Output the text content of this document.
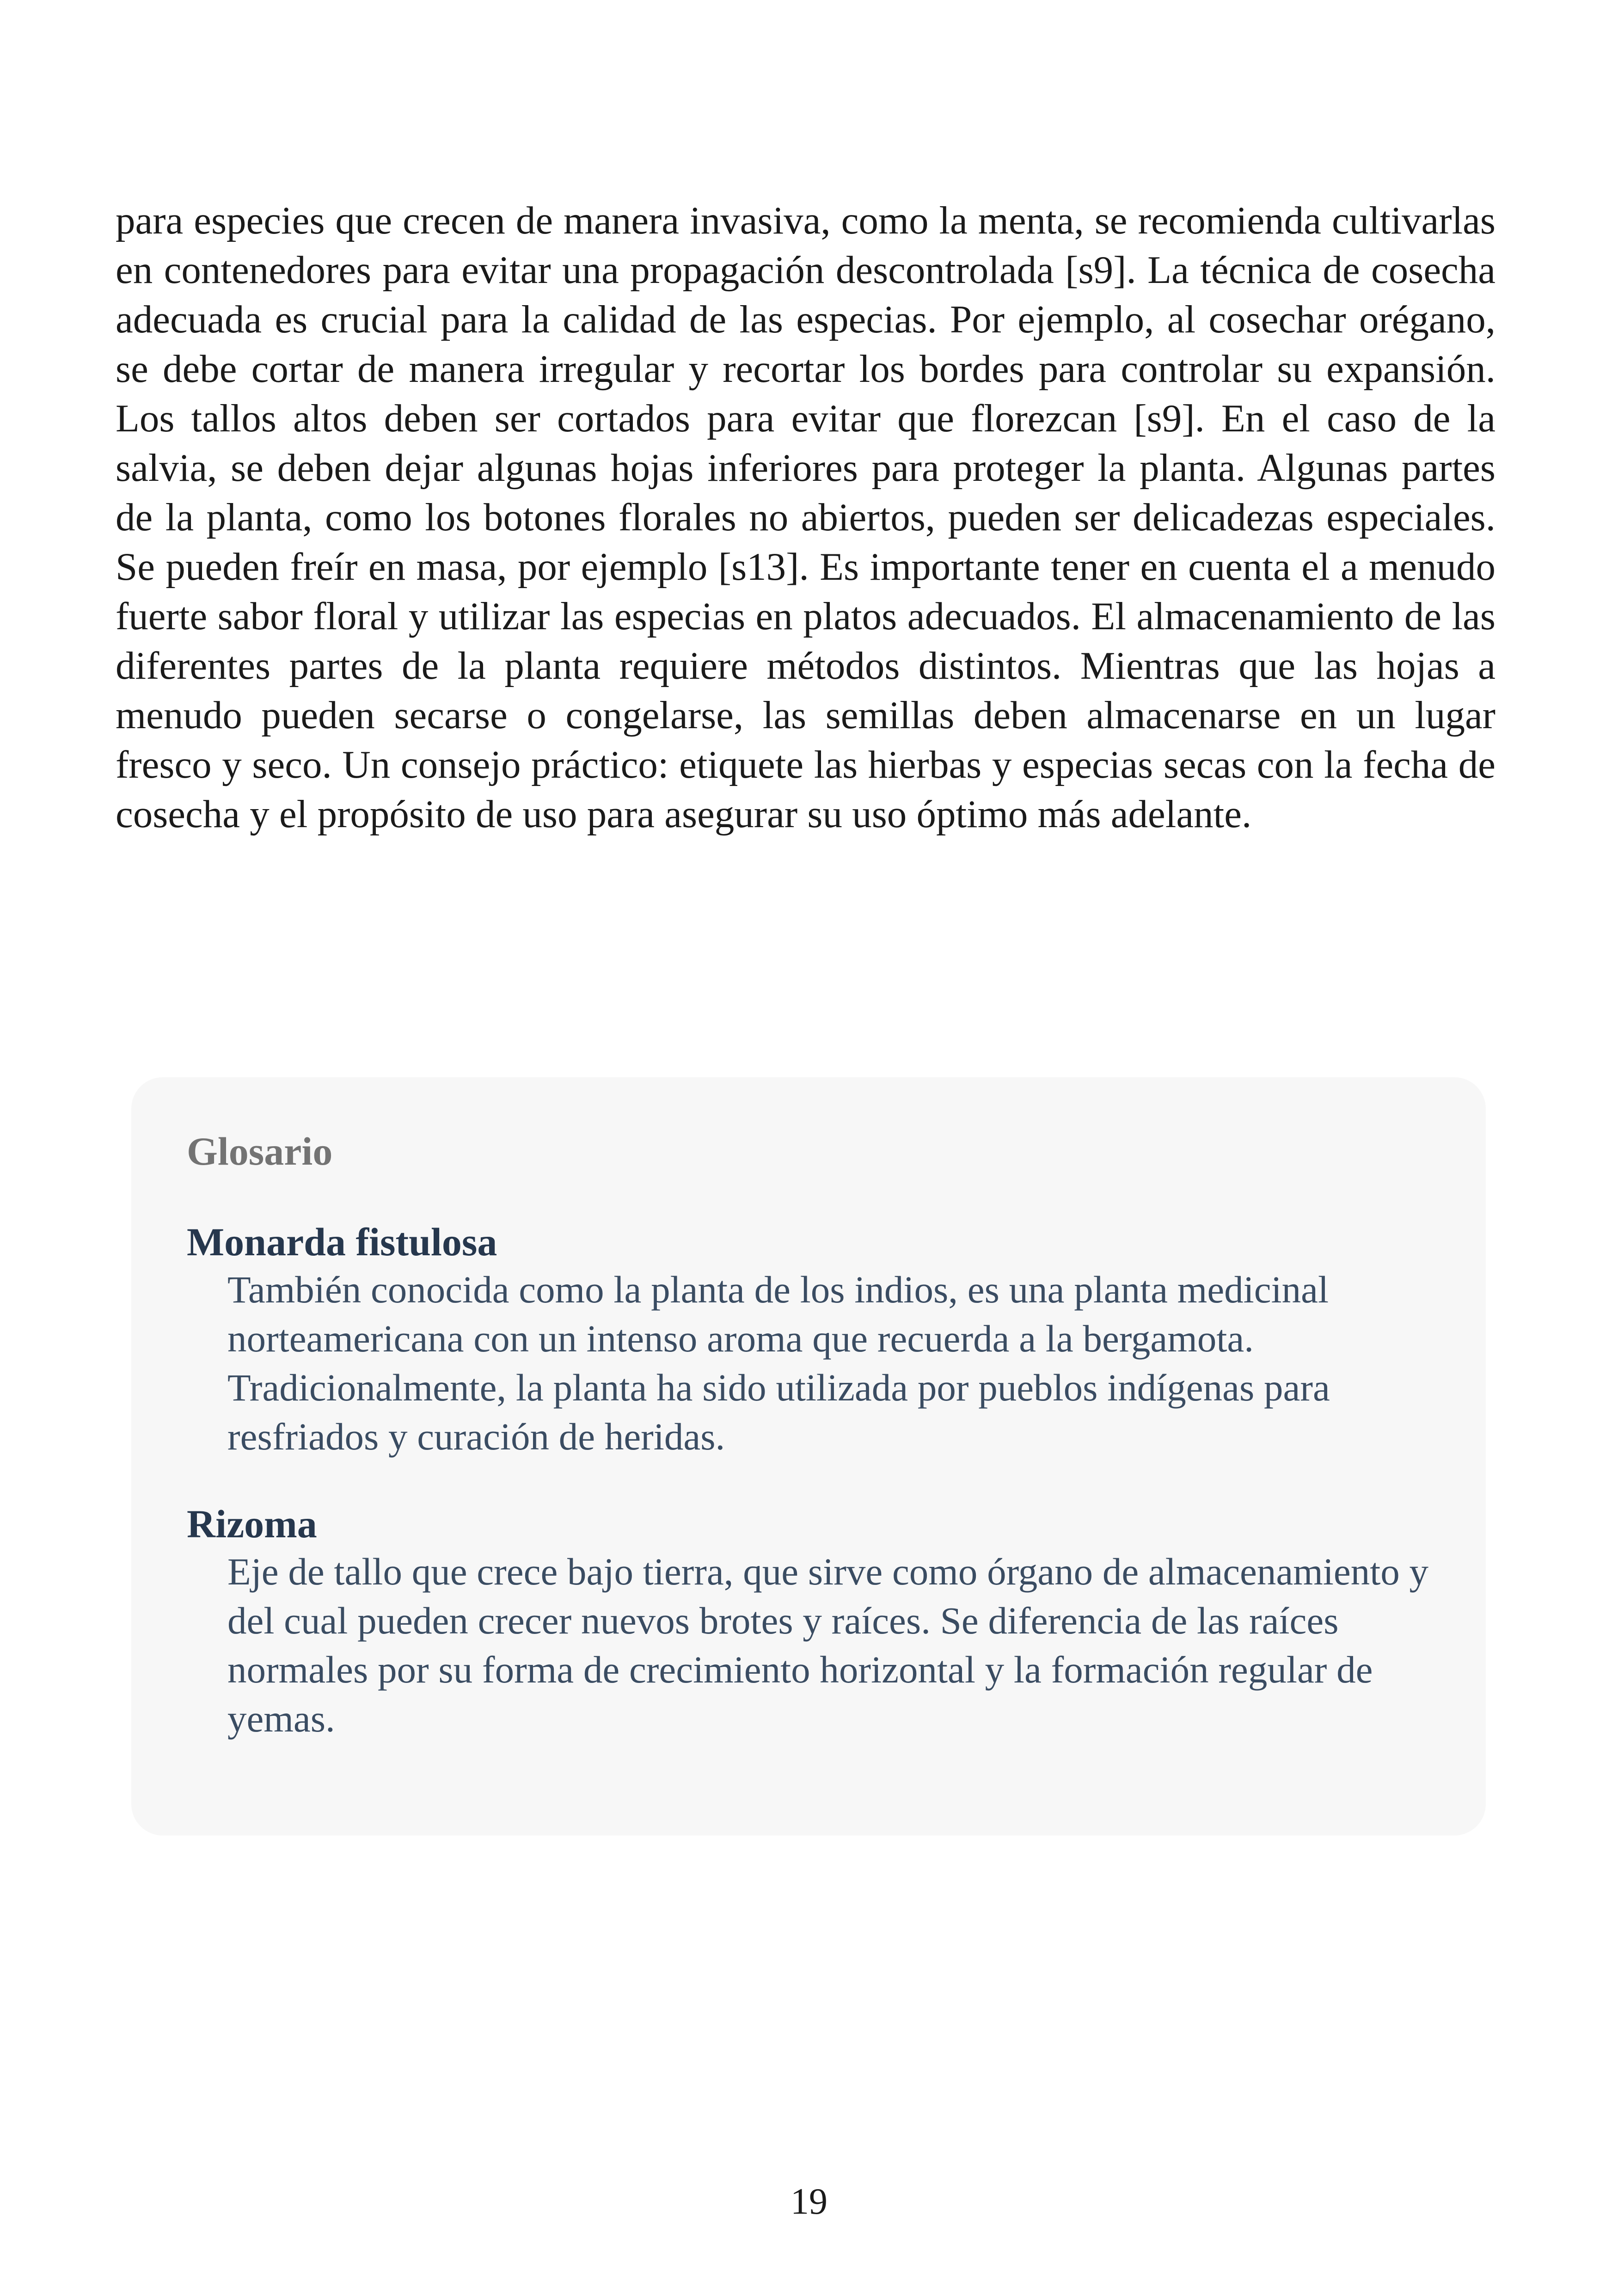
para especies que crecen de manera invasiva, como la menta, se recomienda cultivarlas en contenedores para evitar una propagación descontrolada [s9]. La técnica de cosecha adecuada es crucial para la calidad de las especias. Por ejemplo, al cosechar orégano, se debe cortar de manera irregular y recortar los bordes para controlar su expansión. Los tallos altos deben ser cortados para evitar que florezcan [s9]. En el caso de la salvia, se deben dejar algunas hojas inferiores para proteger la planta. Algunas partes de la planta, como los botones florales no abiertos, pueden ser delicadezas especiales. Se pueden freír en masa, por ejemplo [s13]. Es importante tener en cuenta el a menudo fuerte sabor floral y utilizar las especias en platos adecuados. El almacenamiento de las diferentes partes de la planta requiere métodos distintos. Mientras que las hojas a menudo pueden secarse o congelarse, las semillas deben almacenarse en un lugar fresco y seco. Un consejo práctico: etiquete las hierbas y especias secas con la fecha de cosecha y el propósito de uso para asegurar su uso óptimo más adelante.

Glosario

Monarda fistulosa

También conocida como la planta de los indios, es una planta medicinal norteamericana con un intenso aroma que recuerda a la bergamota. Tradicionalmente, la planta ha sido utilizada por pueblos indígenas para resfriados y curación de heridas.

Rizoma

Eje de tallo que crece bajo tierra, que sirve como órgano de almacenamiento y del cual pueden crecer nuevos brotes y raíces. Se diferencia de las raíces normales por su forma de crecimiento horizontal y la formación regular de yemas.

19
